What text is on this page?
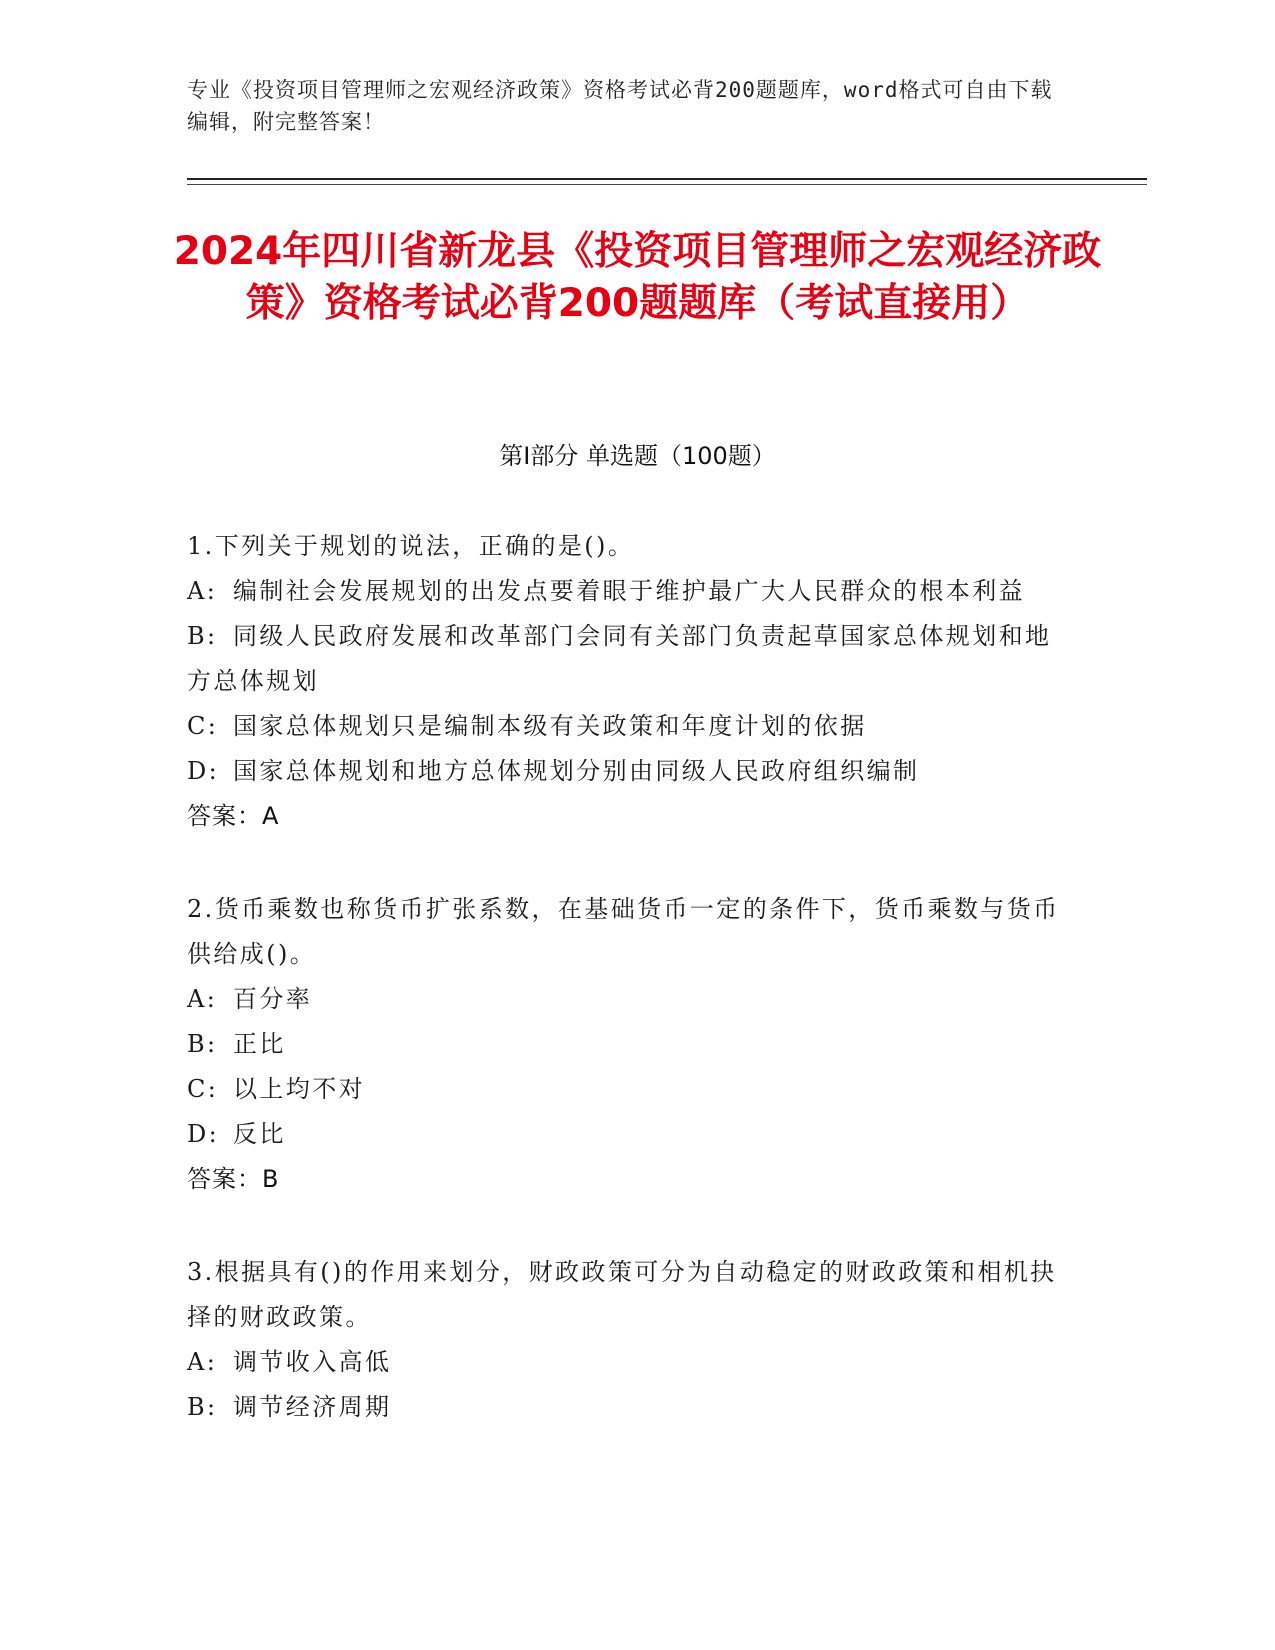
专业《投资项目管理师之宏观经济政策》资格考试必背200题题库，word格式可自由下载编辑，附完整答案！
2024年四川省新龙县《投资项目管理师之宏观经济政策》资格考试必背200题题库（考试直接用）
第I部分 单选题（100题）
1.下列关于规划的说法，正确的是()。
A: 编制社会发展规划的出发点要着眼于维护最广大人民群众的根本利益
B: 同级人民政府发展和改革部门会同有关部门负责起草国家总体规划和地方总体规划
C: 国家总体规划只是编制本级有关政策和年度计划的依据
D: 国家总体规划和地方总体规划分别由同级人民政府组织编制
答案：A
2.货币乘数也称货币扩张系数，在基础货币一定的条件下，货币乘数与货币供给成()。
A: 百分率
B: 正比
C: 以上均不对
D: 反比
答案：B
3.根据具有()的作用来划分，财政政策可分为自动稳定的财政政策和相机抉择的财政政策。
A: 调节收入高低
B: 调节经济周期
